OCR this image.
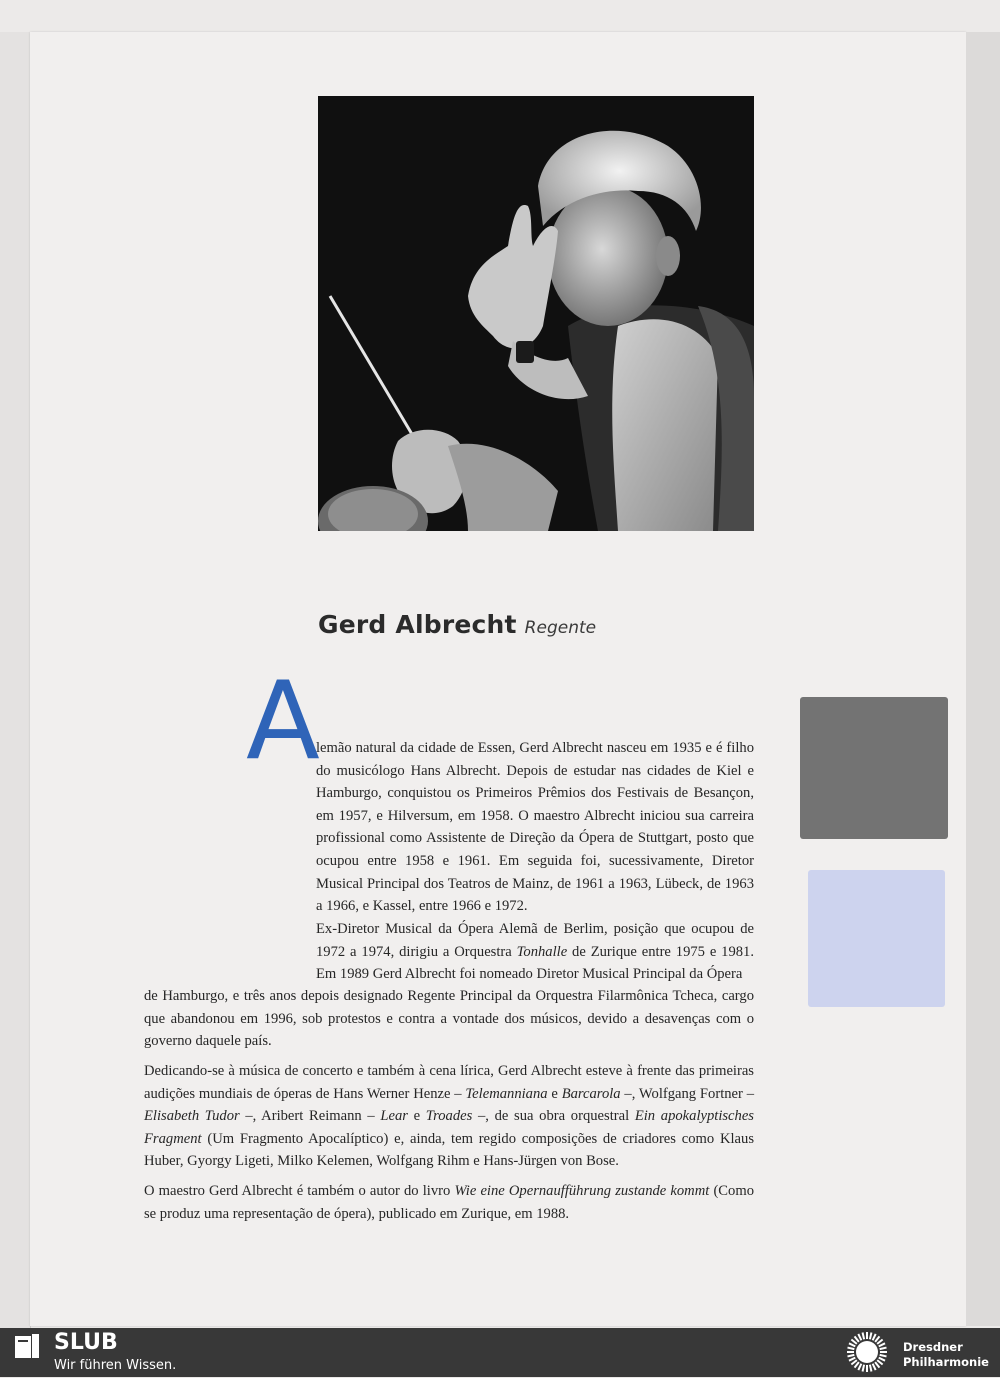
Gerd Albrecht Regente
A
lemão natural da cidade de Essen, Gerd Albrecht nasceu em 1935 e é filho do musicólogo Hans Albrecht. Depois de estudar nas cidades de Kiel e Hamburgo, conquistou os Primeiros Prêmios dos Festivais de Besançon, em 1957, e Hilversum, em 1958. O maestro Albrecht iniciou sua carreira profissional como Assistente de Direção da Ópera de Stuttgart, posto que ocupou entre 1958 e 1961. Em seguida foi, sucessivamente, Diretor Musical Principal dos Teatros de Mainz, de 1961 a 1963, Lübeck, de 1963 a 1966, e Kassel, entre 1966 e 1972.
Ex-Diretor Musical da Ópera Alemã de Berlim, posição que ocupou de 1972 a 1974, dirigiu a Orquestra Tonhalle de Zurique entre 1975 e 1981. Em 1989 Gerd Albrecht foi nomeado Diretor Musical Principal da Ópera
de Hamburgo, e três anos depois designado Regente Principal da Orquestra Filarmônica Tcheca, cargo que abandonou em 1996, sob protestos e contra a vontade dos músicos, devido a desavenças com o governo daquele país.
Dedicando-se à música de concerto e também à cena lírica, Gerd Albrecht esteve à frente das primeiras audições mundiais de óperas de Hans Werner Henze – Telemanniana e Barcarola –, Wolfgang Fortner – Elisabeth Tudor –, Aribert Reimann – Lear e Troades –, de sua obra orquestral Ein apokalyptisches Fragment (Um Fragmento Apocalíptico) e, ainda, tem regido composições de criadores como Klaus Huber, Gyorgy Ligeti, Milko Kelemen, Wolfgang Rihm e Hans-Jürgen von Bose.
O maestro Gerd Albrecht é também o autor do livro Wie eine Opernaufführung zustande kommt (Como se produz uma representação de ópera), publicado em Zurique, em 1988.
SLUB
Wir führen Wissen.
Dresdner
Philharmonie
